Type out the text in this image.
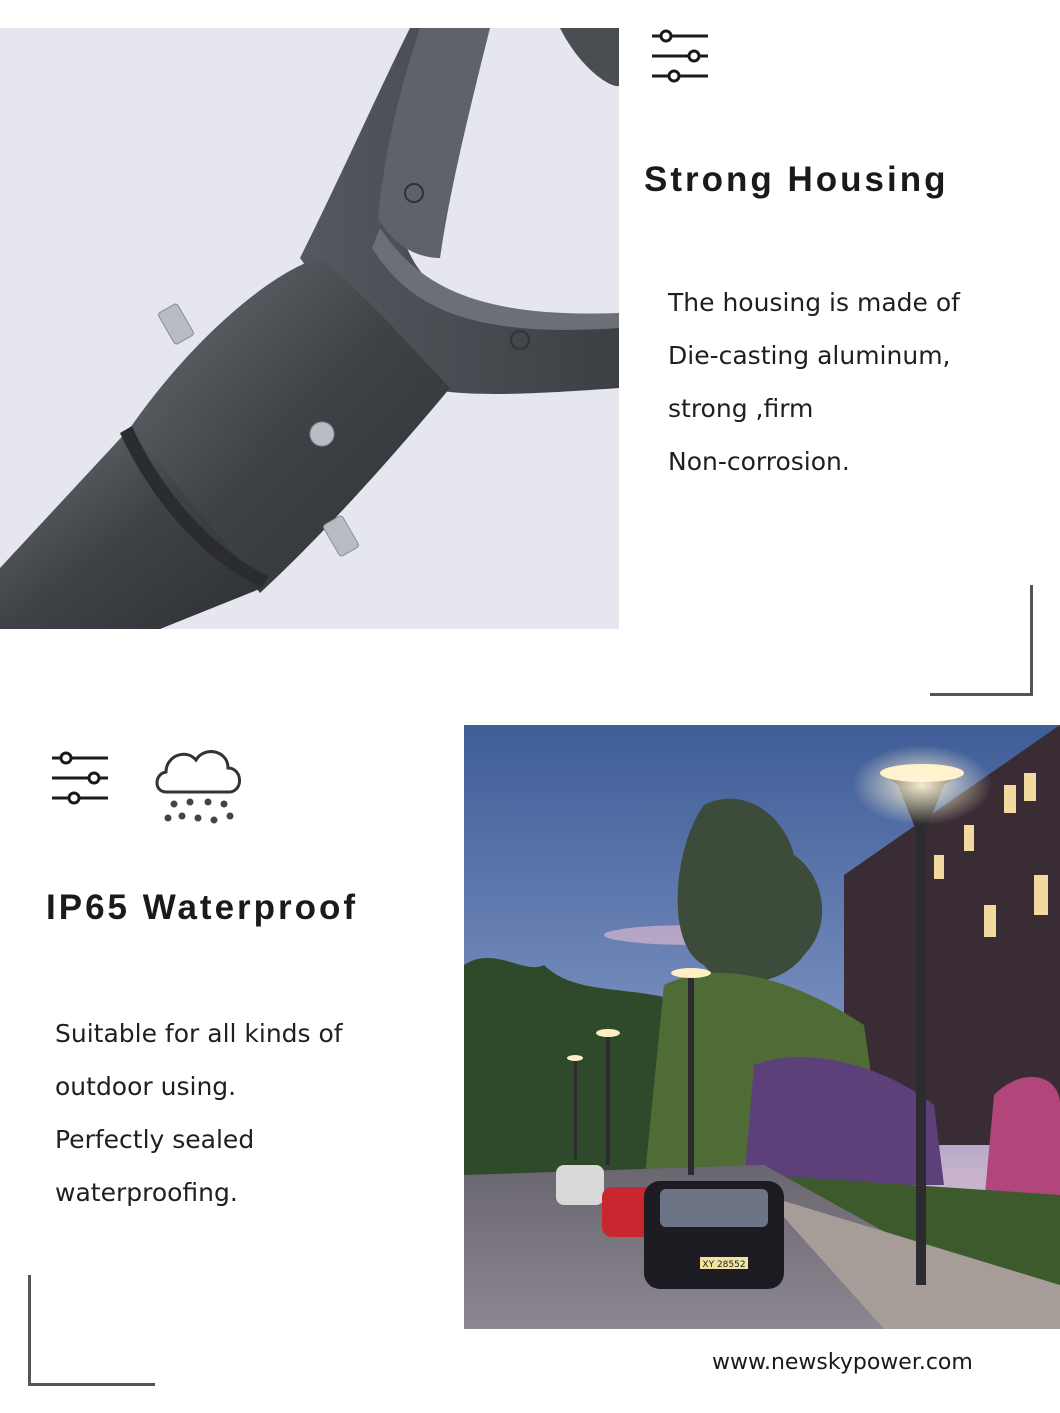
Strong Housing
The housing is made of
Die-casting aluminum,
strong ,firm
Non-corrosion.
IP65 Waterproof
Suitable for all kinds of
outdoor using.
Perfectly sealed
waterproofing.
XY 28552
www.newskypower.com
